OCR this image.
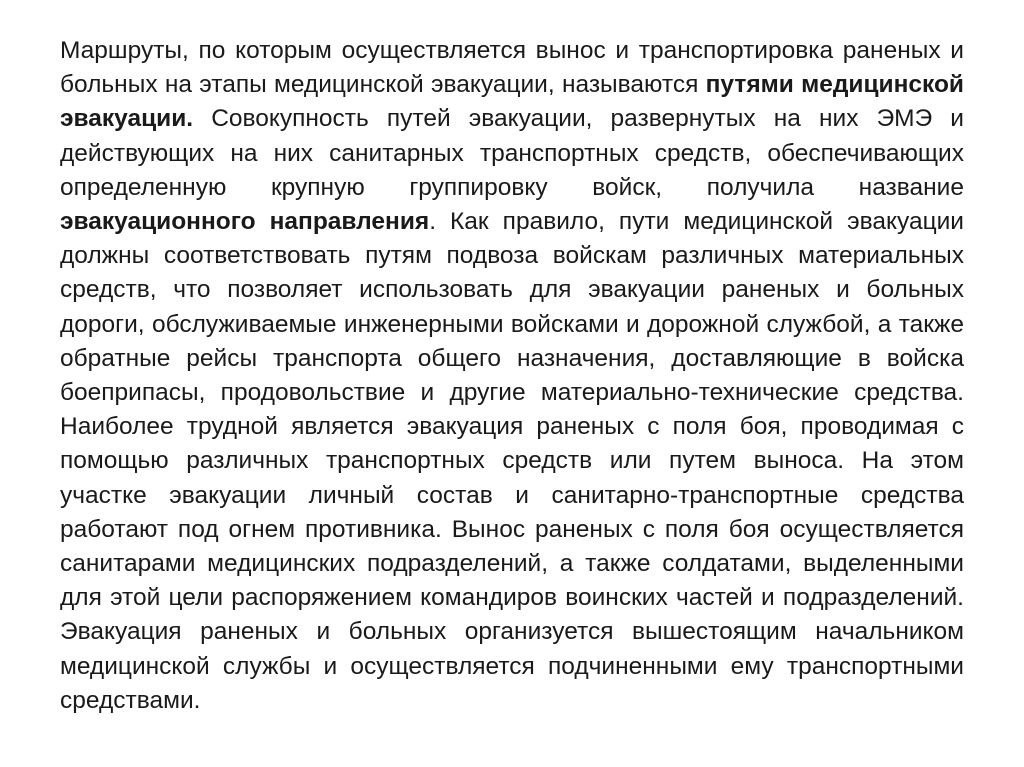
Маршруты, по которым осуществляется вынос и транспортировка раненых и больных на этапы медицинской эвакуации, называются путями медицинской эвакуации. Совокупность путей эвакуации, развернутых на них ЭМЭ и действующих на них санитарных транспортных средств, обеспечивающих определенную крупную группировку войск, получила название эвакуационного направления. Как правило, пути медицинской эвакуации должны соответствовать путям подвоза войскам различных материальных средств, что позволяет использовать для эвакуации раненых и больных дороги, обслуживаемые инженерными войсками и дорожной службой, а также обратные рейсы транспорта общего назначения, доставляющие в войска боеприпасы, продовольствие и другие материально-технические средства. Наиболее трудной является эвакуация раненых с поля боя, проводимая с помощью различных транспортных средств или путем выноса. На этом участке эвакуации личный состав и санитарно-транспортные средства работают под огнем противника. Вынос раненых с поля боя осуществляется санитарами медицинских подразделений, а также солдатами, выделенными для этой цели распоряжением командиров воинских частей и подразделений. Эвакуация раненых и больных организуется вышестоящим начальником медицинской службы и осуществляется подчиненными ему транспортными средствами.
